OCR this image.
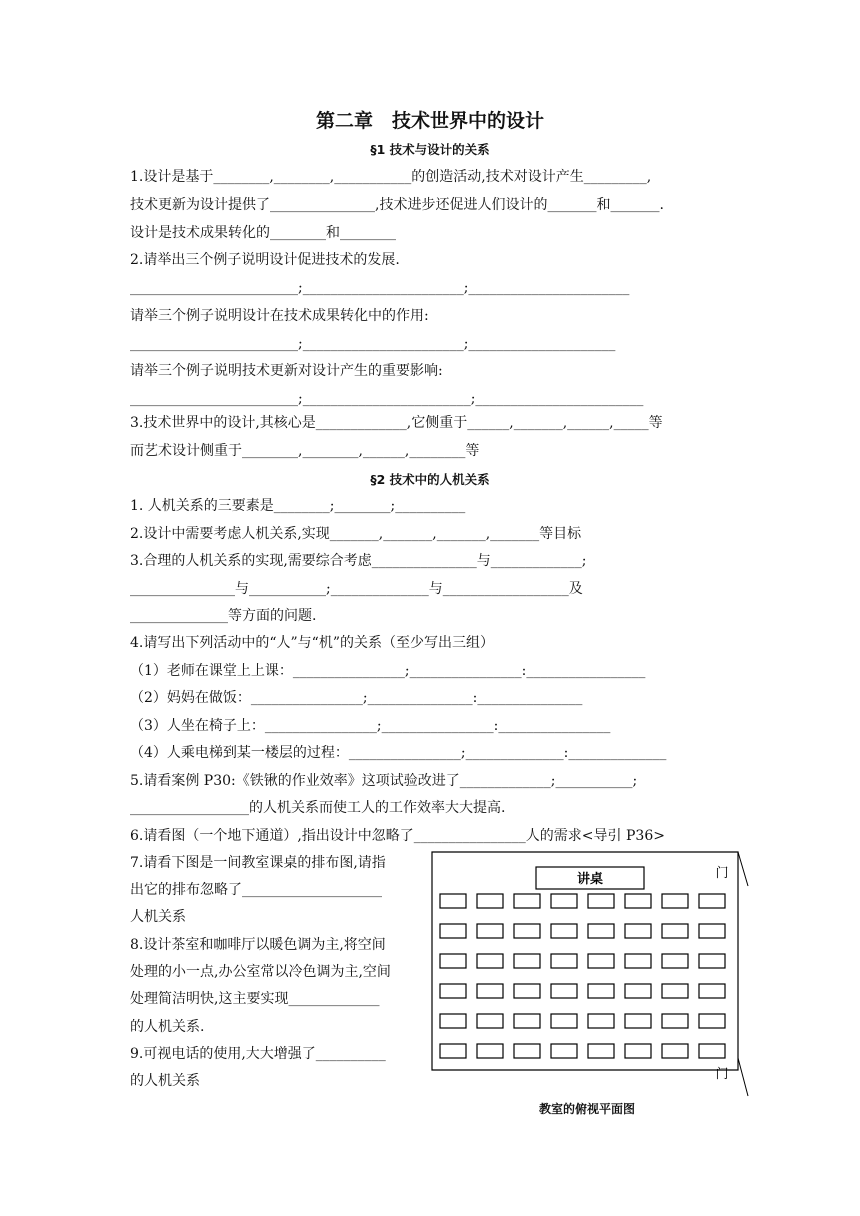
第二章　技术世界中的设计
§1 技术与设计的关系
1.设计是基于________,________,___________的创造活动,技术对设计产生_________,
技术更新为设计提供了_______________,技术进步还促进人们设计的_______和_______.
设计是技术成果转化的________和________
2.请举出三个例子说明设计促进技术的发展.
________________________;_______________________;_______________________
请举三个例子说明设计在技术成果转化中的作用:
________________________;_______________________;_____________________
请举三个例子说明技术更新对设计产生的重要影响:
________________________;________________________;________________________
3.技术世界中的设计,其核心是_____________,它侧重于______,_______,______,_____等
而艺术设计侧重于________,________,______,________等
§2 技术中的人机关系
1. 人机关系的三要素是________;________;__________
2.设计中需要考虑人机关系,实现_______,_______,_______,_______等目标
3.合理的人机关系的实现,需要综合考虑_______________与_____________;
_______________与___________;______________与__________________及
______________等方面的问题.
4.请写出下列活动中的“人”与“机”的关系（至少写出三组）
（1）老师在课堂上上课：________________;________________:_________________
（2）妈妈在做饭：________________;_______________:_______________
（3）人坐在椅子上：________________;________________:________________
（4）人乘电梯到某一楼层的过程：________________;______________:______________
5.请看案例 P30:《铁锹的作业效率》这项试验改进了_____________;___________;
_________________的人机关系而使工人的工作效率大大提高.
6.请看图（一个地下通道）,指出设计中忽略了________________人的需求<导引 P36>
7.请看下图是一间教室课桌的排布图,请指
出它的排布忽略了____________________
人机关系
8.设计茶室和咖啡厅以暖色调为主,将空间
处理的小一点,办公室常以冷色调为主,空间
处理简洁明快,这主要实现_____________
的人机关系.
9.可视电话的使用,大大增强了__________
的人机关系
讲桌	门
门
教室的俯视平面图
